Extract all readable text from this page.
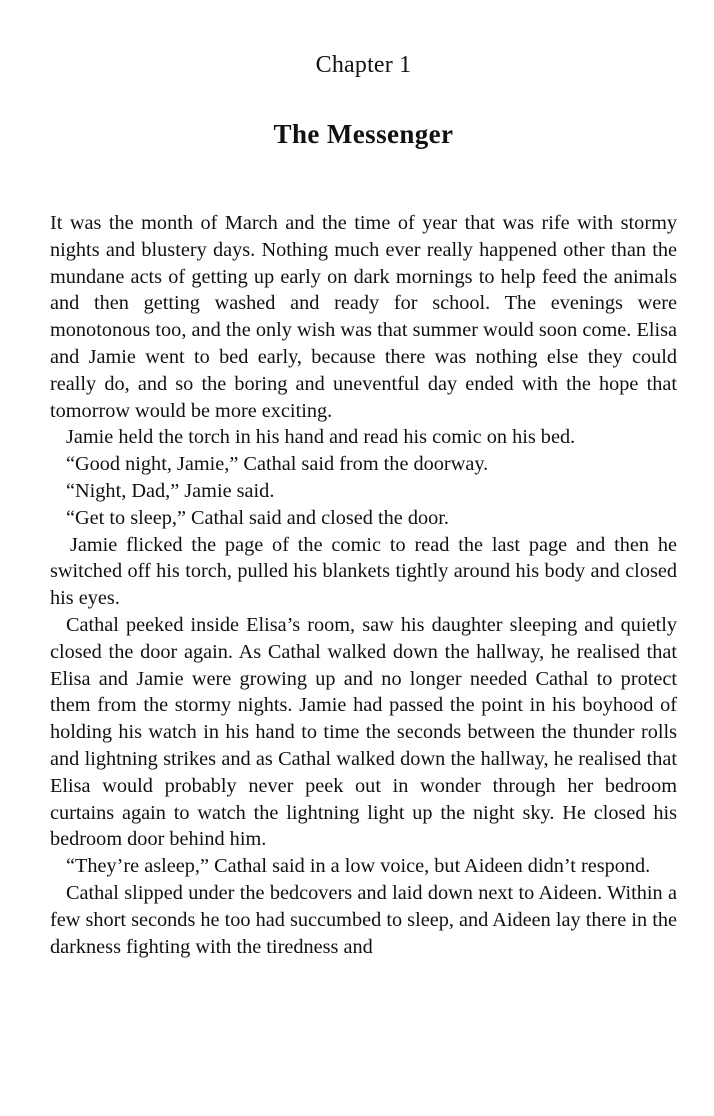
Chapter 1
The Messenger

It was the month of March and the time of year that was rife with stormy nights and blustery days. Nothing much ever really happened other than the mundane acts of getting up early on dark mornings to help feed the animals and then getting washed and ready for school. The evenings were monotonous too, and the only wish was that summer would soon come. Elisa and Jamie went to bed early, because there was nothing else they could really do, and so the boring and uneventful day ended with the hope that tomorrow would be more exciting.

Jamie held the torch in his hand and read his comic on his bed.

“Good night, Jamie,” Cathal said from the doorway.

“Night, Dad,” Jamie said.

“Get to sleep,” Cathal said and closed the door.

Jamie flicked the page of the comic to read the last page and then he switched off his torch, pulled his blankets tightly around his body and closed his eyes.

Cathal peeked inside Elisa’s room, saw his daughter sleeping and quietly closed the door again. As Cathal walked down the hallway, he realised that Elisa and Jamie were growing up and no longer needed Cathal to protect them from the stormy nights. Jamie had passed the point in his boyhood of holding his watch in his hand to time the seconds between the thunder rolls and lightning strikes and as Cathal walked down the hallway, he realised that Elisa would probably never peek out in wonder through her bedroom curtains again to watch the lightning light up the night sky. He closed his bedroom door behind him.

“They’re asleep,” Cathal said in a low voice, but Aideen didn’t respond.

Cathal slipped under the bedcovers and laid down next to Aideen. Within a few short seconds he too had succumbed to sleep, and Aideen lay there in the darkness fighting with the tiredness and
